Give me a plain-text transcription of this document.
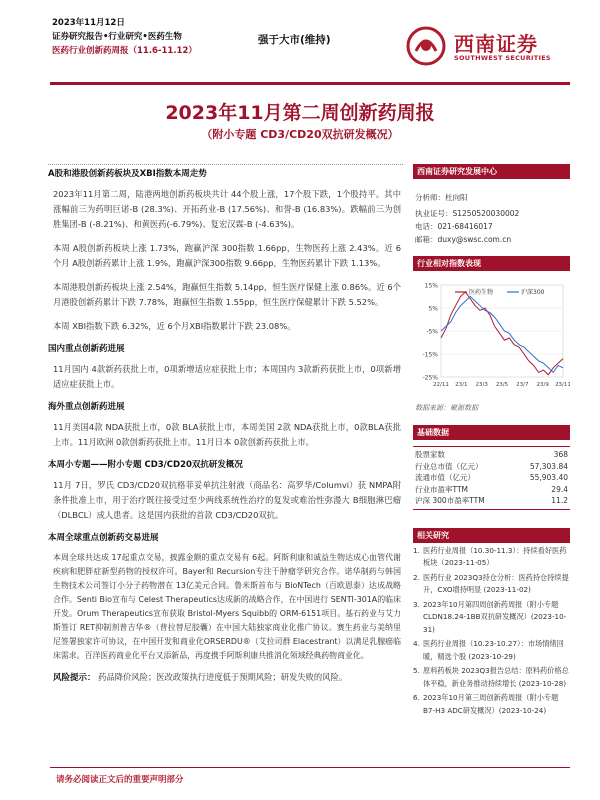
2023年11月12日
证券研究报告•行业研究•医药生物
医药行业创新药周报（11.6-11.12）
强于大市(维持)	西南证券
SOUTHWEST SECURITIES
2023年11月第二周创新药周报
（附小专题 CD3/CD20双抗研发概况）
A股和港股创新药板块及XBI指数本周走势
2023年11月第二周，陆港两地创新药板块共计 44个股上涨，17个股下跌，1个股持平。其中涨幅前三为药明巨诺-B (28.3%)、开拓药业-B (17.56%)、和誉-B (16.83%)。跌幅前三为创胜集团-B (-8.21%)、和黄医药(-6.79%)、复宏汉霖-B (-4.63%)。
本周 A股创新药板块上涨 1.73%，跑赢沪深 300指数 1.66pp，生物医药上涨 2.43%。近 6个月 A股创新药累计上涨 1.9%，跑赢沪深300指数 9.66pp，生物医药累计下跌 1.13%。
本周港股创新药板块上涨 2.54%，跑赢恒生指数 5.14pp，恒生医疗保健上涨 0.86%。近 6个月港股创新药累计下跌 7.78%，跑赢恒生指数 1.55pp，恒生医疗保健累计下跌 5.52%。
本周 XBI指数下跌 6.32%，近 6个月XBI指数累计下跌 23.08%。
国内重点创新药进展
11月国内 4款新药获批上市，0项新增适应症获批上市；本周国内 3款新药获批上市，0项新增适应症获批上市。
海外重点创新药进展
11月美国4款 NDA获批上市，0款 BLA获批上市，本周美国 2款 NDA获批上市，0款BLA获批上市。11月欧洲 0款创新药获批上市。11月日本 0款创新药获批上市。
本周小专题——附小专题 CD3/CD20双抗研发概况
11月 7日，罗氏 CD3/CD20双抗格菲妥单抗注射液（商品名：高罗华/Columvi）获 NMPA附条件批准上市，用于治疗既往接受过至少两线系统性治疗的复发或难治性弥漫大 B细胞淋巴瘤（DLBCL）成人患者。这是国内获批的首款 CD3/CD20双抗。
本周全球重点创新药交易进展
本周全球共达成 17起重点交易，披露金额的重点交易有 6起。阿斯利康和诚益生物达成心血管代谢疾病和肥胖症新型药物的授权许可。Bayer和 Recursion专注于肿瘤学研究合作。诺华制药与韩国生物技术公司签订小分子药物潜在 13亿美元合同。鲁米斯首布与 BioNTech（百欧恩泰）达成战略合作。Senti Bio宣布与 Celest Therapeutics达成新的战略合作，在中国进行 SENTI-301A的临床开发。Orum Therapeutics宣布获取 Bristol-Myers Squibb的 ORM-6151项目。基石药业与艾力斯签订 RET抑制剂普吉华®（普拉替尼胶囊）在中国大陆独家商业化推广协议。赛生药业与美纳里尼签署独家许可协议，在中国开发和商业化ORSERDU®（艾拉司群 Elacestrant）以满足乳腺癌临床需求。百洋医药商业化平台又添新品，再度携手阿斯利康共推消化领域经典药物商业化。
风险提示： 药品降价风险；医改政策执行进度低于预期风险；研发失败的风险。
西南证券研究发展中心
分析师：杜向阳
执业证号：S1250520030002
电话：021-68416017
邮箱：duxy@swsc.com.cn
行业相对指数表现
15%
5%
-5%
-15%
-25%
22/11 23/1 23/3 23/5 23/7 23/9 23/11
医药生物	沪深300
数据来源：聚源数据
基础数据
股票家数	368
行业总市值（亿元）	57,303.84
流通市值（亿元）	55,903.40
行业市盈率TTM	29.4
沪深 300市盈率TTM	11.2
相关研究
1. 医药行业周报（10.30-11.3）：持续看好医药板块（2023-11-05）
2. 医药行业 2023Q3持仓分析：医药持仓持续提升，CXO增持明显 (2023-11-02)
3. 2023年10月第四周创新药周报（附小专题 CLDN18.24-1BB双抗研发概况）(2023-10-31)
4. 医药行业周报（10.23-10.27）：市场情绪回暖，精选个股 (2023-10-29)
5. 原料药板块 2023Q3报告总结：原料药价格总体平稳，新业务推动持续增长 (2023-10-28)
6. 2023年10月第三周创新药周报（附小专题 B7-H3 ADC研发概况）(2023-10-24)
请务必阅读正文后的重要声明部分
